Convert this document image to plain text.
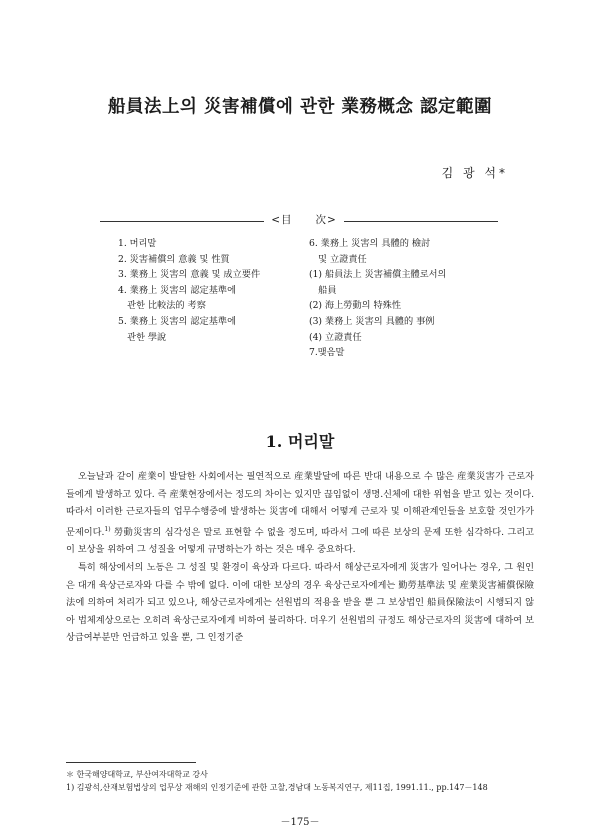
船員法上의 災害補償에 관한 業務概念 認定範圍
김 광 석*
<目　　次>
1. 머리말
2. 災害補償의 意義 및 性質
3. 業務上 災害의 意義 및 成立要件
4. 業務上 災害의 認定基準에
　관한 比較法的 考察
5. 業務上 災害의 認定基準에
　관한 學說
6. 業務上 災害의 具體的 檢討
　및 立證責任
(1) 船員法上 災害補償主體로서의
　船員
(2) 海上勞動의 特殊性
(3) 業務上 災害의 具體的 事例
(4) 立證責任
7.맺음말
1. 머리말

오늘날과 같이 産業이 발달한 사회에서는 필연적으로 産業발달에 따른 반대 내용으로 수 많은 産業災害가 근로자들에게 발생하고 있다. 즉 産業현장에서는 정도의 차이는 있지만 끊임없이 생명.신체에 대한 위험을 받고 있는 것이다. 따라서 이러한 근로자들의 업무수행중에 발생하는 災害에 대해서 어떻게 근로자 및 이해관계인들을 보호할 것인가가 문제이다.$^{1)}$ 勞動災害의 심각성은 말로 표현할 수 없을 정도며, 따라서 그에 따른 보상의 문제 또한 심각하다. 그리고 이 보상을 위하여 그 성질을 어떻게 규명하는가 하는 것은 매우 중요하다.

특히 해상에서의 노동은 그 성질 및 환경이 육상과 다르다. 따라서 해상근로자에게 災害가 일어나는 경우, 그 원인은 대개 육상근로자와 다를 수 밖에 없다. 이에 대한 보상의 경우 육상근로자에게는 勤勞基準法 및 産業災害補償保險法에 의하여 처리가 되고 있으나, 해상근로자에게는 선원법의 적용을 받을 뿐 그 보상법인 船員保險法이 시행되지 않아 법체계상으로는 오히려 육상근로자에게 비하여 불리하다. 더우기 선원법의 규정도 해상근로자의 災害에 대하여 보상급여부분만 언급하고 있을 뿐, 그 인정기준

＊ 한국해양대학교, 부산여자대학교 강사
1) 김광석,산재보험법상의 업무상 재해의 인정기준에 관한 고찰,경남대 노동복지연구, 제11집, 1991.11., pp.147－148
－175－
